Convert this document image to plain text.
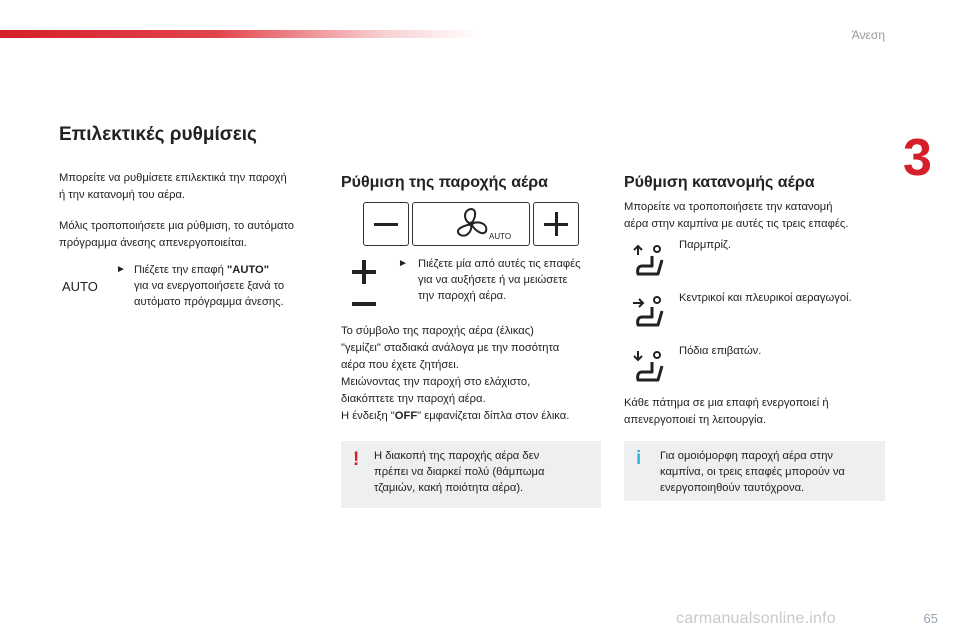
Άνεση
3
65
carmanualsonline.info
Επιλεκτικές ρυθμίσεις
Μπορείτε να ρυθμίσετε επιλεκτικά την παροχή
ή την κατανομή του αέρα.
Μόλις τροποποιήσετε μια ρύθμιση, το αυτόματο
πρόγραμμα άνεσης απενεργοποιείται.
AUTO
► Πιέζετε την επαφή "AUTO"
για να ενεργοποιήσετε ξανά το
αυτόματο πρόγραμμα άνεσης.
Ρύθμιση της παροχής αέρα
AUTO
► Πιέζετε μία από αυτές τις επαφές
για να αυξήσετε ή να μειώσετε
την παροχή αέρα.
Το σύμβολο της παροχής αέρα (έλικας)
"γεμίζει" σταδιακά ανάλογα με την ποσότητα
αέρα που έχετε ζητήσει.
Μειώνοντας την παροχή στο ελάχιστο,
διακόπτετε την παροχή αέρα.
Η ένδειξη "OFF" εμφανίζεται δίπλα στον έλικα.
! Η διακοπή της παροχής αέρα δεν
πρέπει να διαρκεί πολύ (θάμπωμα
τζαμιών, κακή ποιότητα αέρα).
Ρύθμιση κατανομής αέρα
Μπορείτε να τροποποιήσετε την κατανομή
αέρα στην καμπίνα με αυτές τις τρεις επαφές.
Παρμπρίζ.
Κεντρικοί και πλευρικοί αεραγωγοί.
Πόδια επιβατών.
Κάθε πάτημα σε μια επαφή ενεργοποιεί ή
απενεργοποιεί τη λειτουργία.
i Για ομοιόμορφη παροχή αέρα στην
καμπίνα, οι τρεις επαφές μπορούν να
ενεργοποιηθούν ταυτόχρονα.
